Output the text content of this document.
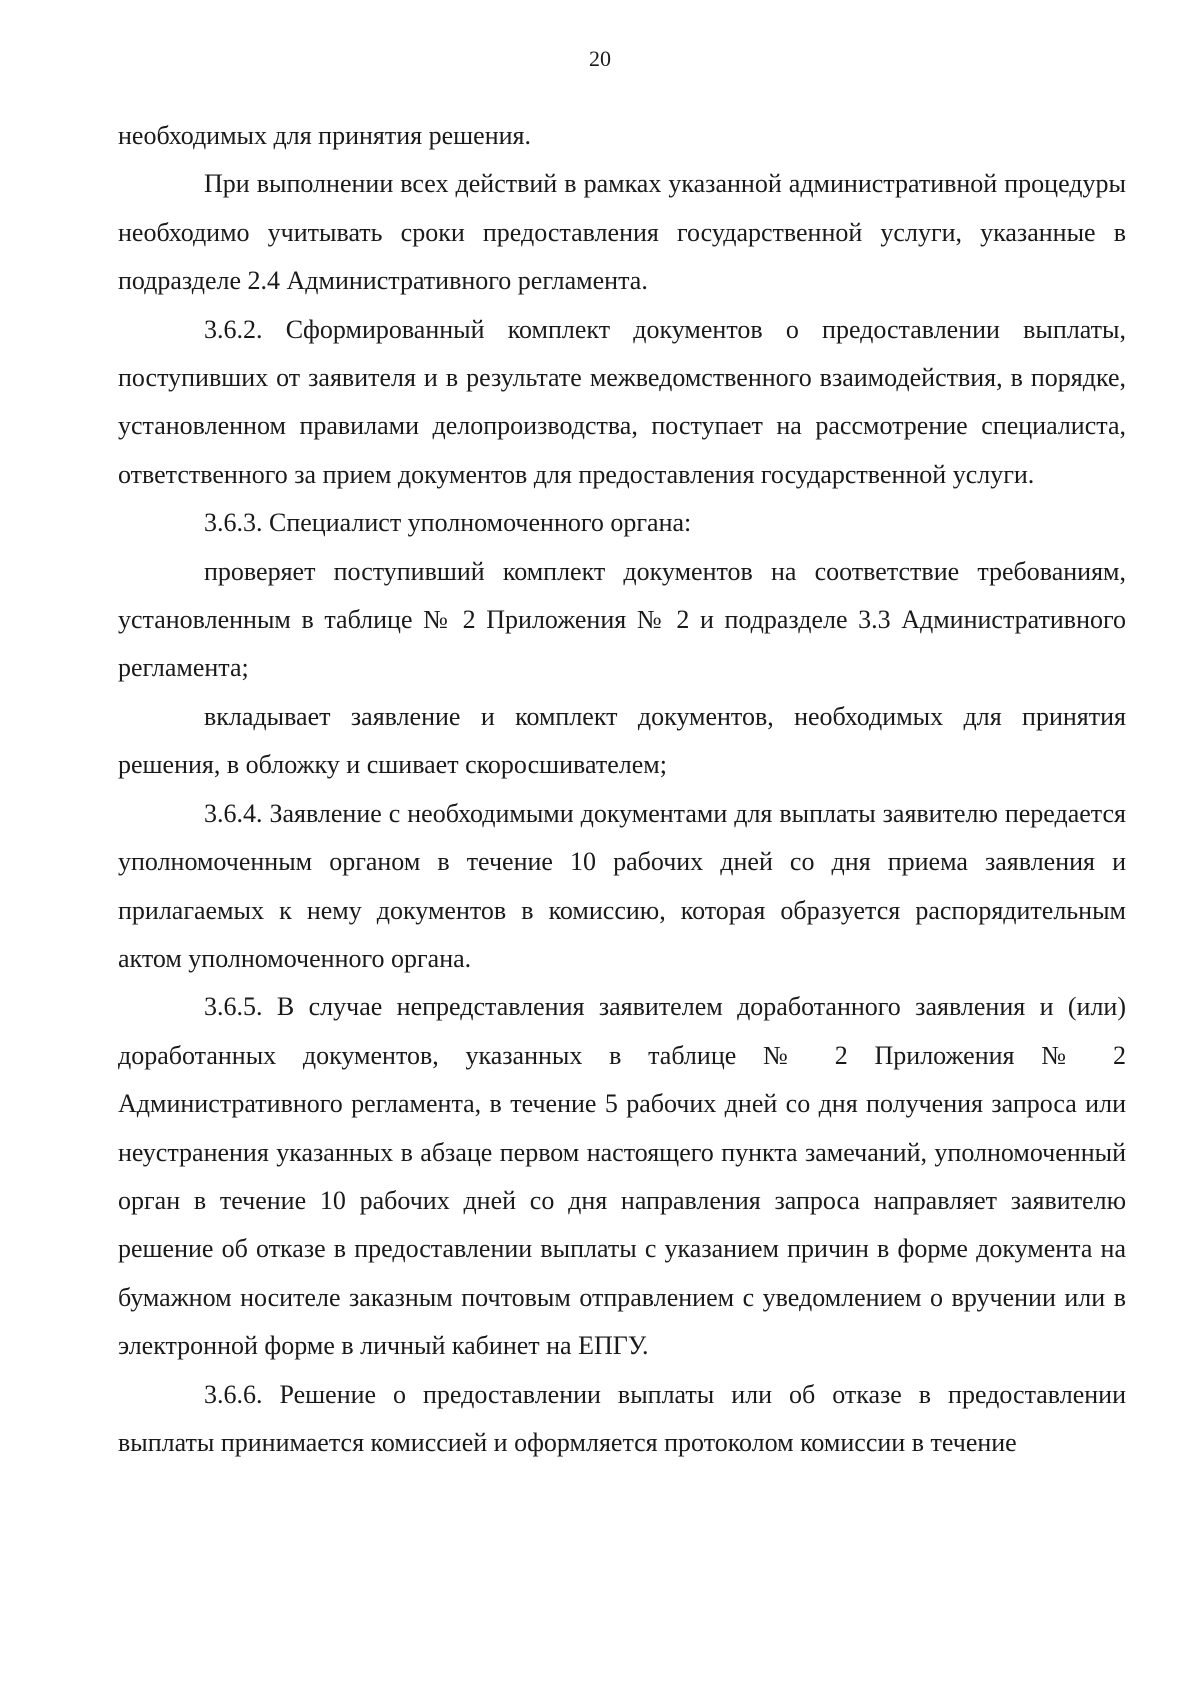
20

необходимых для принятия решения.

При выполнении всех действий в рамках указанной административной процедуры необходимо учитывать сроки предоставления государственной услуги, указанные в подразделе 2.4 Административного регламента.

3.6.2. Сформированный комплект документов о предоставлении выплаты, поступивших от заявителя и в результате межведомственного взаимодействия, в порядке, установленном правилами делопроизводства, поступает на рассмотрение специалиста, ответственного за прием документов для предоставления государственной услуги.

3.6.3. Специалист уполномоченного органа:

проверяет поступивший комплект документов на соответствие требованиям, установленным в таблице № 2 Приложения № 2 и подразделе 3.3 Административного регламента;

вкладывает заявление и комплект документов, необходимых для принятия решения, в обложку и сшивает скоросшивателем;

3.6.4. Заявление с необходимыми документами для выплаты заявителю передается уполномоченным органом в течение 10 рабочих дней со дня приема заявления и прилагаемых к нему документов в комиссию, которая образуется распорядительным актом уполномоченного органа.

3.6.5. В случае непредставления заявителем доработанного заявления и (или) доработанных документов, указанных в таблице № 2 Приложения № 2 Административного регламента, в течение 5 рабочих дней со дня получения запроса или неустранения указанных в абзаце первом настоящего пункта замечаний, уполномоченный орган в течение 10 рабочих дней со дня направления запроса направляет заявителю решение об отказе в предоставлении выплаты с указанием причин в форме документа на бумажном носителе заказным почтовым отправлением с уведомлением о вручении или в электронной форме в личный кабинет на ЕПГУ.

3.6.6. Решение о предоставлении выплаты или об отказе в предоставлении выплаты принимается комиссией и оформляется протоколом комиссии в течение
